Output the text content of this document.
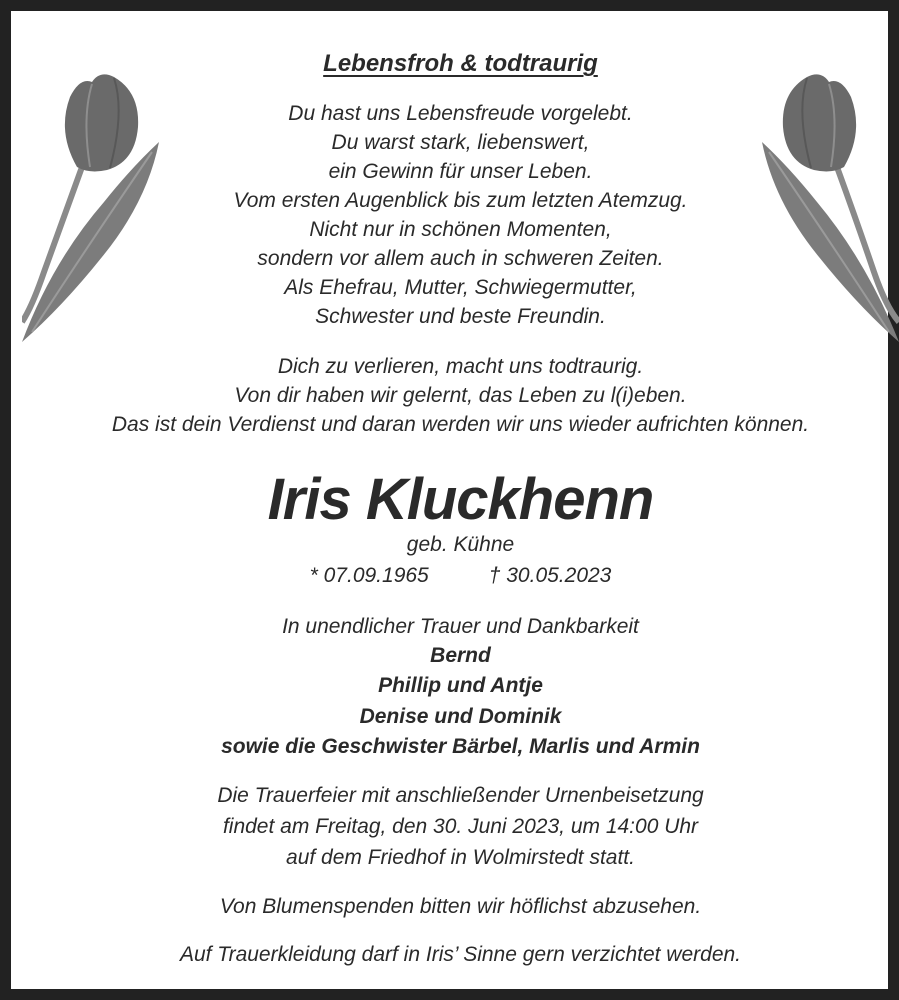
Lebensfroh & todtraurig
Du hast uns Lebensfreude vorgelebt.
Du warst stark, liebenswert,
ein Gewinn für unser Leben.
Vom ersten Augenblick bis zum letzten Atemzug.
Nicht nur in schönen Momenten,
sondern vor allem auch in schweren Zeiten.
Als Ehefrau, Mutter, Schwiegermutter,
Schwester und beste Freundin.
Dich zu verlieren, macht uns todtraurig.
Von dir haben wir gelernt, das Leben zu l(i)eben.
Das ist dein Verdienst und daran werden wir uns wieder aufrichten können.
Iris Kluckhenn
geb. Kühne
* 07.09.1965	† 30.05.2023
In unendlicher Trauer und Dankbarkeit
Bernd
Phillip und Antje
Denise und Dominik
sowie die Geschwister Bärbel, Marlis und Armin
Die Trauerfeier mit anschließender Urnenbeisetzung
findet am Freitag, den 30. Juni 2023, um 14:00 Uhr
auf dem Friedhof in Wolmirstedt statt.
Von Blumenspenden bitten wir höflichst abzusehen.
Auf Trauerkleidung darf in Iris’ Sinne gern verzichtet werden.
